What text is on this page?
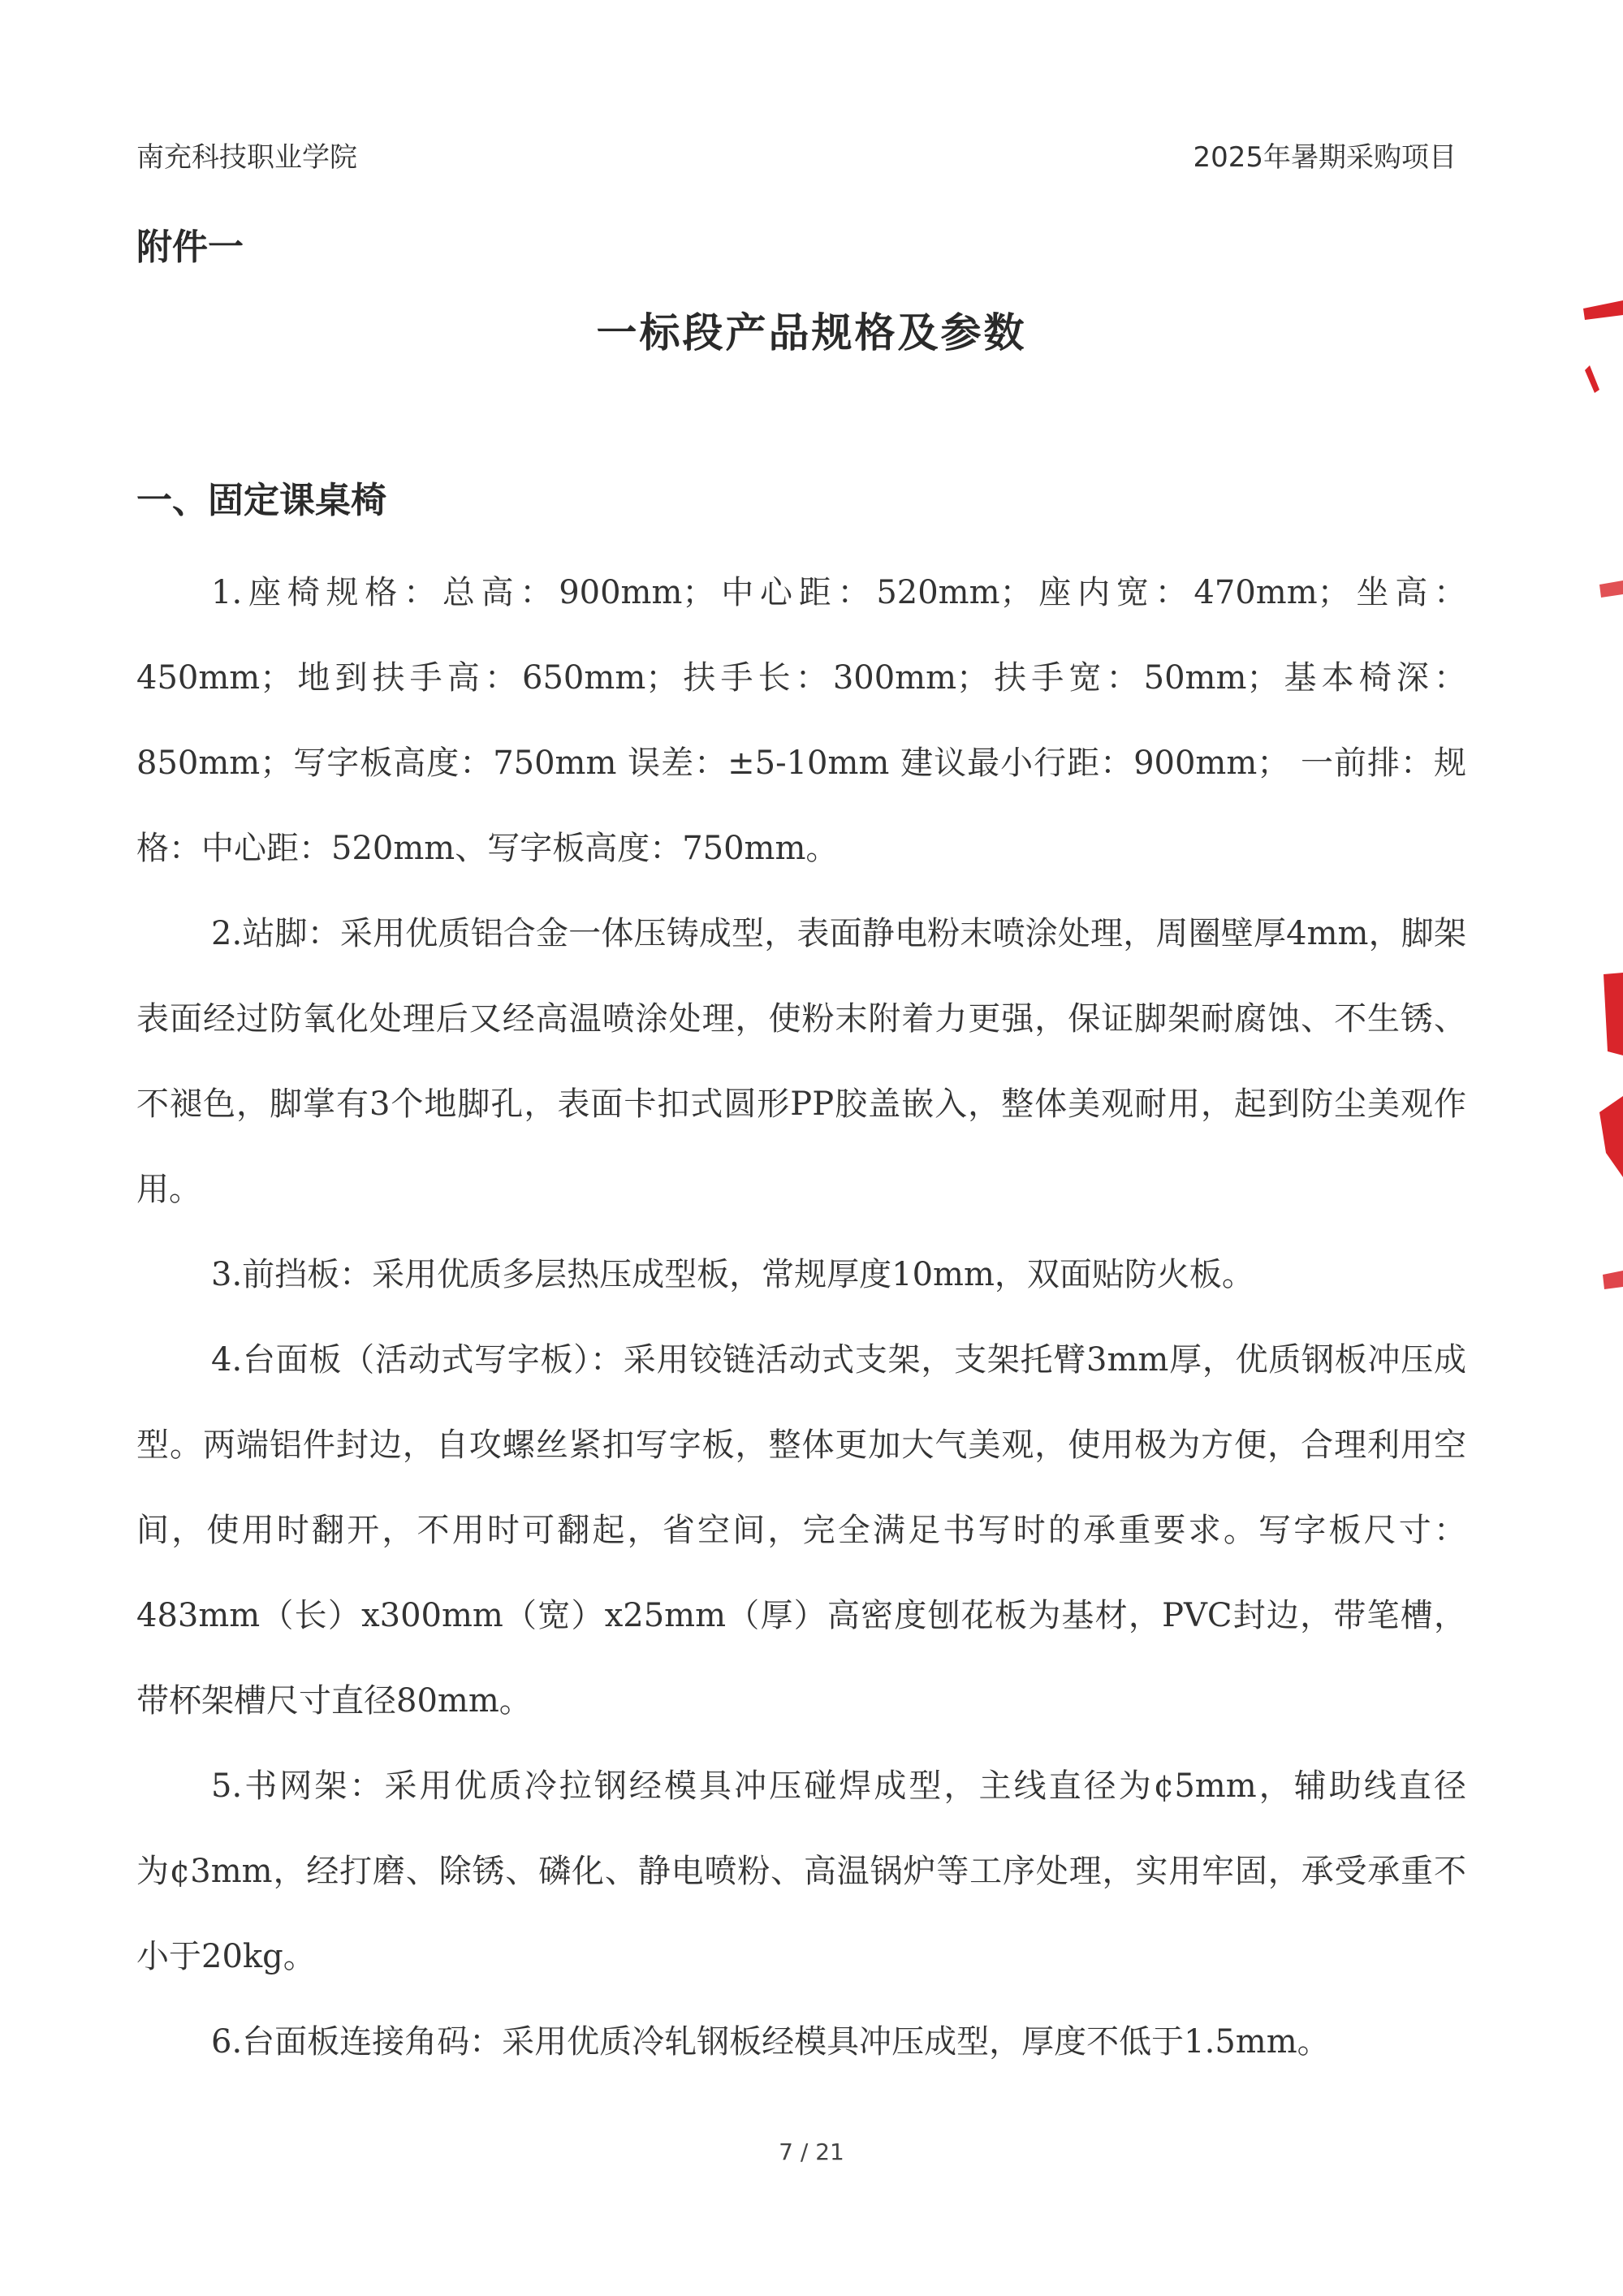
南充科技职业学院	2025年暑期采购项目
附件一
一标段产品规格及参数
一、固定课桌椅

1.座椅规格：总高：900mm；中心距：520mm；座内宽：470mm；坐高：450mm；地到扶手高：650mm；扶手长：300mm；扶手宽：50mm；基本椅深：850mm；写字板高度：750mm 误差：±5-10mm 建议最小行距：900mm； 一前排：规格：中心距：520mm、写字板高度：750mm。

2.站脚：采用优质铝合金一体压铸成型，表面静电粉末喷涂处理，周圈壁厚4mm，脚架表面经过防氧化处理后又经高温喷涂处理，使粉末附着力更强，保证脚架耐腐蚀、不生锈、不褪色，脚掌有3个地脚孔，表面卡扣式圆形PP胶盖嵌入，整体美观耐用，起到防尘美观作用。

3.前挡板：采用优质多层热压成型板，常规厚度10mm，双面贴防火板。

4.台面板（活动式写字板）：采用铰链活动式支架，支架托臂3mm厚，优质钢板冲压成型。两端铝件封边，自攻螺丝紧扣写字板，整体更加大气美观，使用极为方便，合理利用空间，使用时翻开，不用时可翻起，省空间，完全满足书写时的承重要求。写字板尺寸：483mm（长）x300mm（宽）x25mm（厚）高密度刨花板为基材，PVC封边，带笔槽，带杯架槽尺寸直径80mm。

5.书网架：采用优质冷拉钢经模具冲压碰焊成型，主线直径为¢5mm，辅助线直径为¢3mm，经打磨、除锈、磷化、静电喷粉、高温锅炉等工序处理，实用牢固，承受承重不小于20kg。

6.台面板连接角码：采用优质冷轧钢板经模具冲压成型，厚度不低于1.5mm。

7 / 21
